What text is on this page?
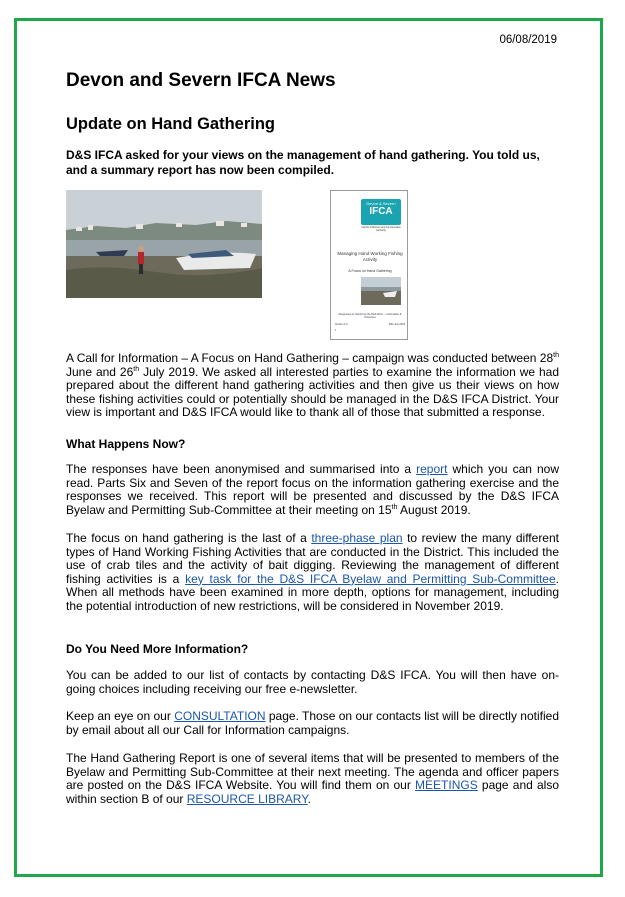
06/08/2019
Devon and Severn IFCA News
Update on Hand Gathering
D&S IFCA asked for your views on the management of hand gathering. You told us, and a summary report has now been compiled.
Devon & Severn
IFCA
Inshore Fisheries and Conservation Authority
Managing Hand Working Fishing Activity
A Focus on Hand Gathering
Responses to: Report for the D&S IFCA — Information & Outcomes
Version 1.0	29th July 2019
1
A Call for Information – A Focus on Hand Gathering – campaign was conducted between 28th June and 26th July 2019. We asked all interested parties to examine the information we had prepared about the different hand gathering activities and then give us their views on how these fishing activities could or potentially should be managed in the D&S IFCA District. Your view is important and D&S IFCA would like to thank all of those that submitted a response.
What Happens Now?
The responses have been anonymised and summarised into a report which you can now read. Parts Six and Seven of the report focus on the information gathering exercise and the responses we received. This report will be presented and discussed by the D&S IFCA Byelaw and Permitting Sub-Committee at their meeting on 15th August 2019.
The focus on hand gathering is the last of a three-phase plan to review the many different types of Hand Working Fishing Activities that are conducted in the District. This included the use of crab tiles and the activity of bait digging. Reviewing the management of different fishing activities is a key task for the D&S IFCA Byelaw and Permitting Sub-Committee. When all methods have been examined in more depth, options for management, including the potential introduction of new restrictions, will be considered in November 2019.
Do You Need More Information?
You can be added to our list of contacts by contacting D&S IFCA. You will then have on-going choices including receiving our free e-newsletter.
Keep an eye on our CONSULTATION page. Those on our contacts list will be directly notified by email about all our Call for Information campaigns.
The Hand Gathering Report is one of several items that will be presented to members of the Byelaw and Permitting Sub-Committee at their next meeting. The agenda and officer papers are posted on the D&S IFCA Website. You will find them on our MEETINGS page and also within section B of our RESOURCE LIBRARY.
